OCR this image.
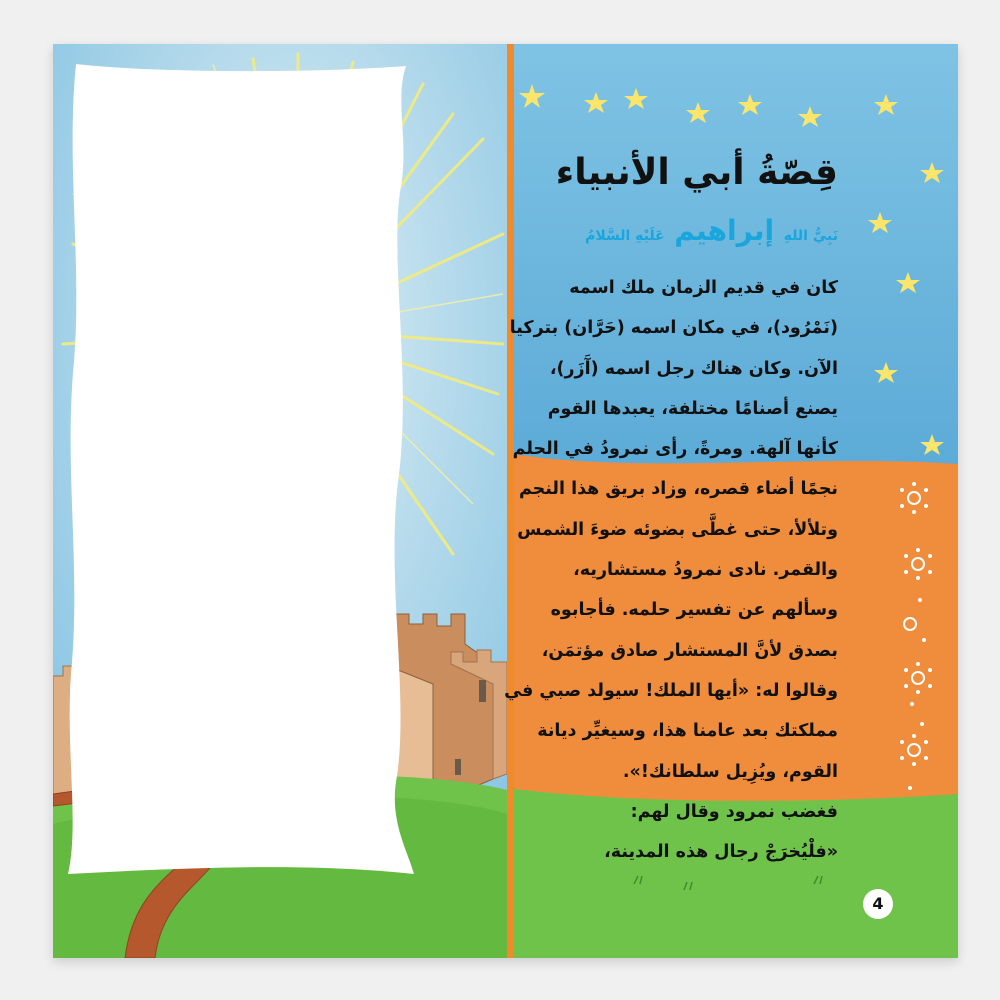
قِصّةُ أبي الأنبياء
نَبِيُّ اللهِ إبراهيم عَلَيْهِ السَّلامُ
كان في قديم الزمان ملك اسمه
(نَمْرُود)، في مكان اسمه (حَرَّان) بتركيا
الآن. وكان هناك رجل اسمه (آَزَر)،
يصنع أصنامًا مختلفة، يعبدها القوم
كأنها آلهة. ومرةً، رأى نمرودُ في الحلم
نجمًا أضاء قصره، وزاد بريق هذا النجم
وتلألأ، حتى غطَّى بضوئه ضوءَ الشمس
والقمر. نادى نمرودُ مستشاريه،
وسألهم عن تفسير حلمه. فأجابوه
بصدق لأنَّ المستشار صادق مؤتمَن،
وقالوا له: «أيها الملك! سيولد صبي في
مملكتك بعد عامنا هذا، وسيغيِّر ديانة
القوم، ويُزِيل سلطانك!».
فغضب نمرود وقال لهم:
«فلْيُخرَجْ رجال هذه المدينة،
4
